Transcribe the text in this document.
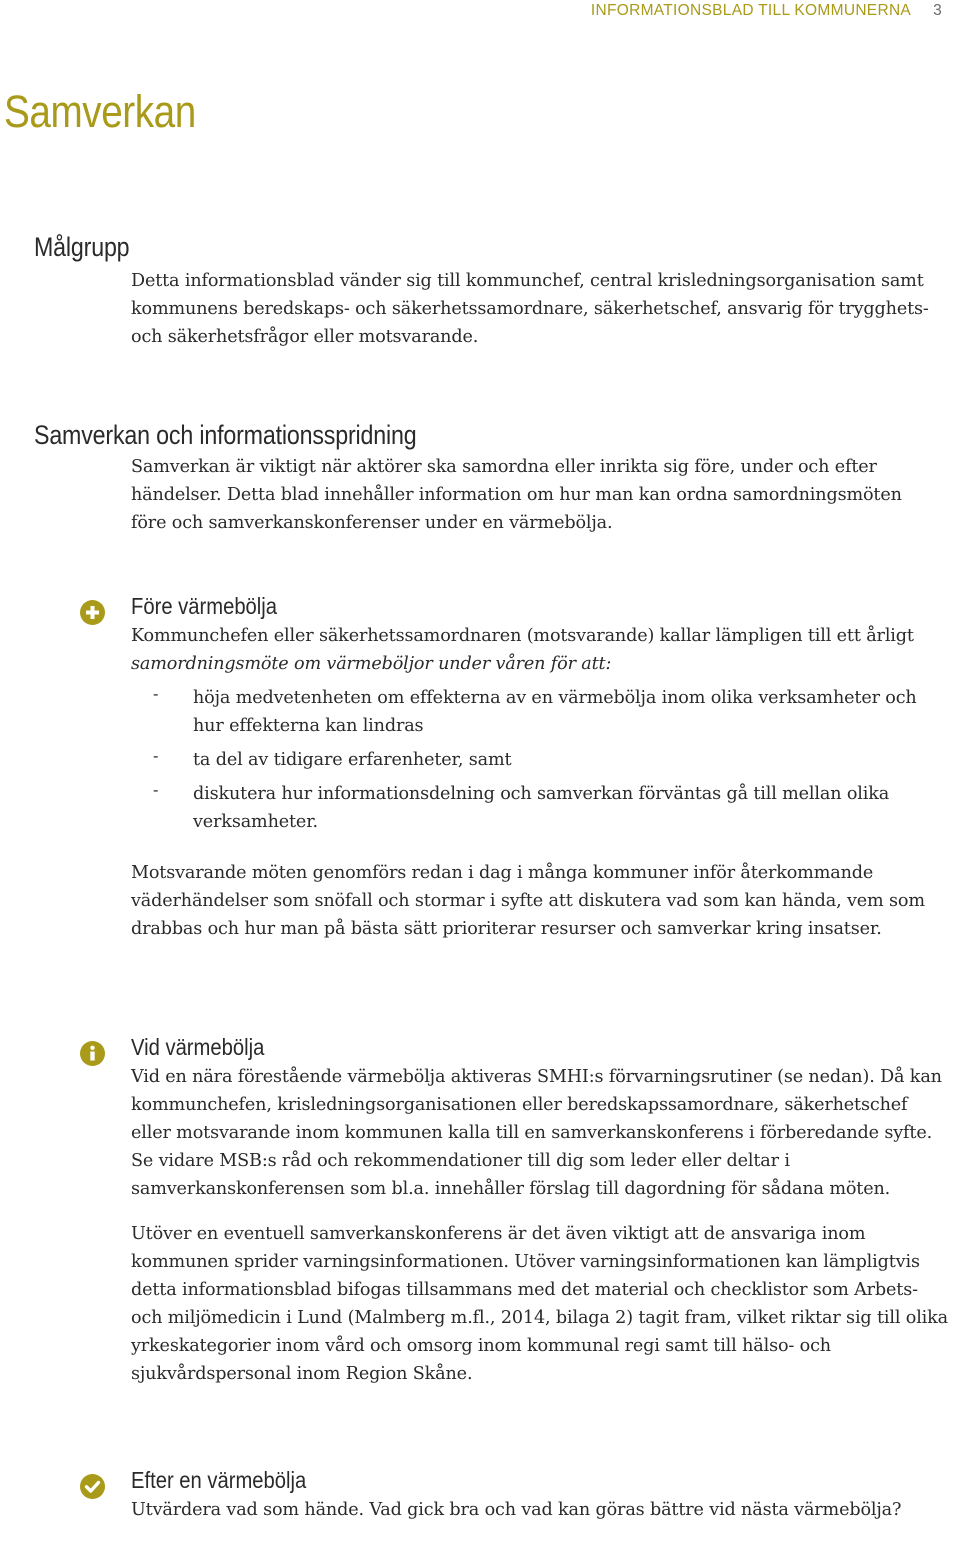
INFORMATIONSBLAD TILL KOMMUNERNA 3
Samverkan
Målgrupp

Detta informationsblad vänder sig till kommunchef, central krisledningsorganisation samt kommunens beredskaps- och säkerhetssamordnare, säkerhetschef, ansvarig för trygghets- och säkerhetsfrågor eller motsvarande.

Samverkan och informationsspridning

Samverkan är viktigt när aktörer ska samordna eller inrikta sig före, under och efter händelser. Detta blad innehåller information om hur man kan ordna samordningsmöten före och samverkanskonferenser under en värmebölja.

Före värmebölja

Kommunchefen eller säkerhetssamordnaren (motsvarande) kallar lämpligen till ett årligt samordningsmöte om värmeböljor under våren för att:

- höja medvetenheten om effekterna av en värmebölja inom olika verksamheter och hur effekterna kan lindras

- ta del av tidigare erfarenheter, samt

- diskutera hur informationsdelning och samverkan förväntas gå till mellan olika verksamheter.

Motsvarande möten genomförs redan i dag i många kommuner inför återkommande väderhändelser som snöfall och stormar i syfte att diskutera vad som kan hända, vem som drabbas och hur man på bästa sätt prioriterar resurser och samverkar kring insatser.

Vid värmebölja

Vid en nära förestående värmebölja aktiveras SMHI:s förvarningsrutiner (se nedan). Då kan kommunchefen, krisledningsorganisationen eller beredskapssamordnare, säkerhetschef eller motsvarande inom kommunen kalla till en samverkanskonferens i förberedande syfte. Se vidare MSB:s råd och rekommendationer till dig som leder eller deltar i samverkanskonferensen som bl.a. innehåller förslag till dagordning för sådana möten.

Utöver en eventuell samverkanskonferens är det även viktigt att de ansvariga inom kommunen sprider varningsinformationen. Utöver varningsinformationen kan lämpligtvis detta informationsblad bifogas tillsammans med det material och checklistor som Arbets- och miljömedicin i Lund (Malmberg m.fl., 2014, bilaga 2) tagit fram, vilket riktar sig till olika yrkeskategorier inom vård och omsorg inom kommunal regi samt till hälso- och sjukvårdspersonal inom Region Skåne.

Efter en värmebölja

Utvärdera vad som hände. Vad gick bra och vad kan göras bättre vid nästa värmebölja?
